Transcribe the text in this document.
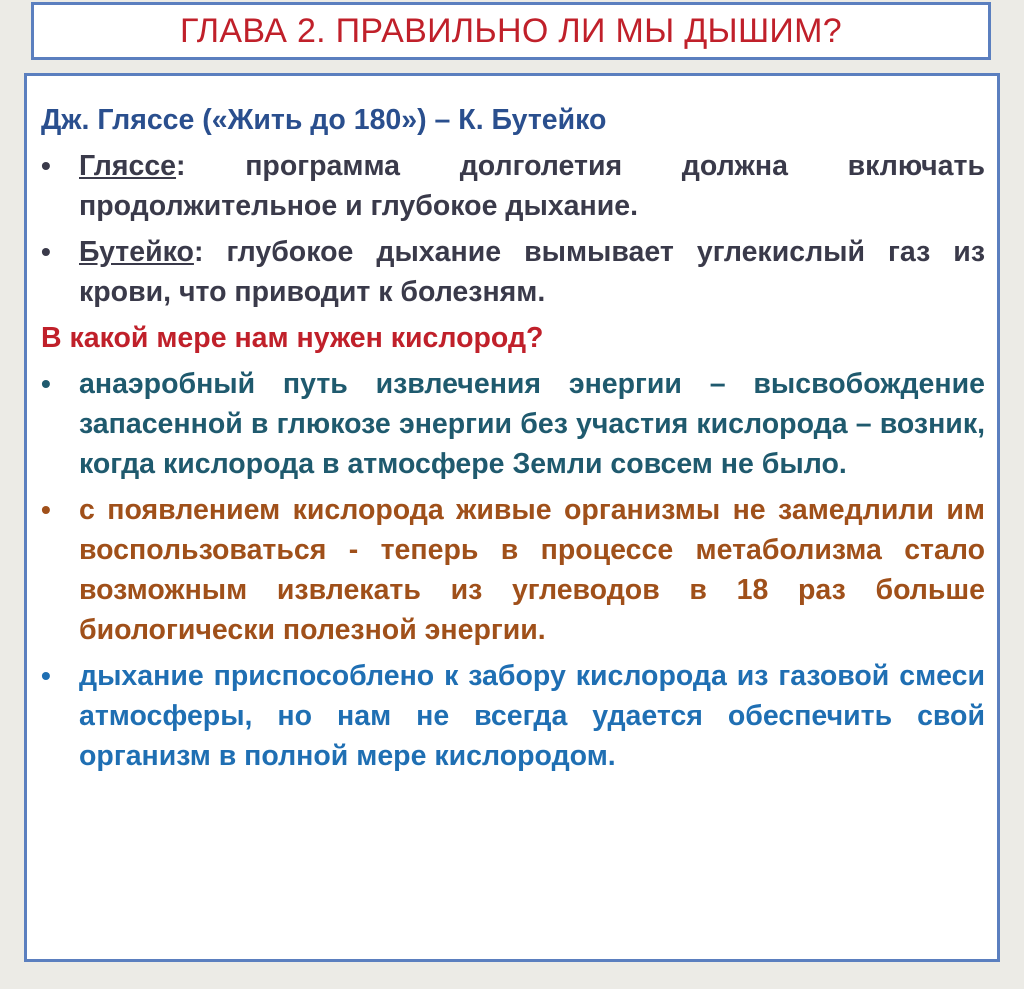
ГЛАВА 2. ПРАВИЛЬНО ЛИ МЫ ДЫШИМ?

Дж. Гляссе («Жить до 180») – К. Бутейко

• Гляссе: программа долголетия должна включать продолжительное и глубокое дыхание.

• Бутейко: глубокое дыхание вымывает углекислый газ из крови, что приводит к болезням.

В какой мере нам нужен кислород?

• анаэробный путь извлечения энергии – высвобождение запасенной в глюкозе энергии без участия кислорода – возник, когда кислорода в атмосфере Земли совсем не было.

• с появлением кислорода живые организмы не замедлили им воспользоваться - теперь в процессе метаболизма стало возможным извлекать из углеводов в 18 раз больше биологически полезной энергии.

• дыхание приспособлено к забору кислорода из газовой смеси атмосферы, но нам не всегда удается обеспечить свой организм в полной мере кислородом.
